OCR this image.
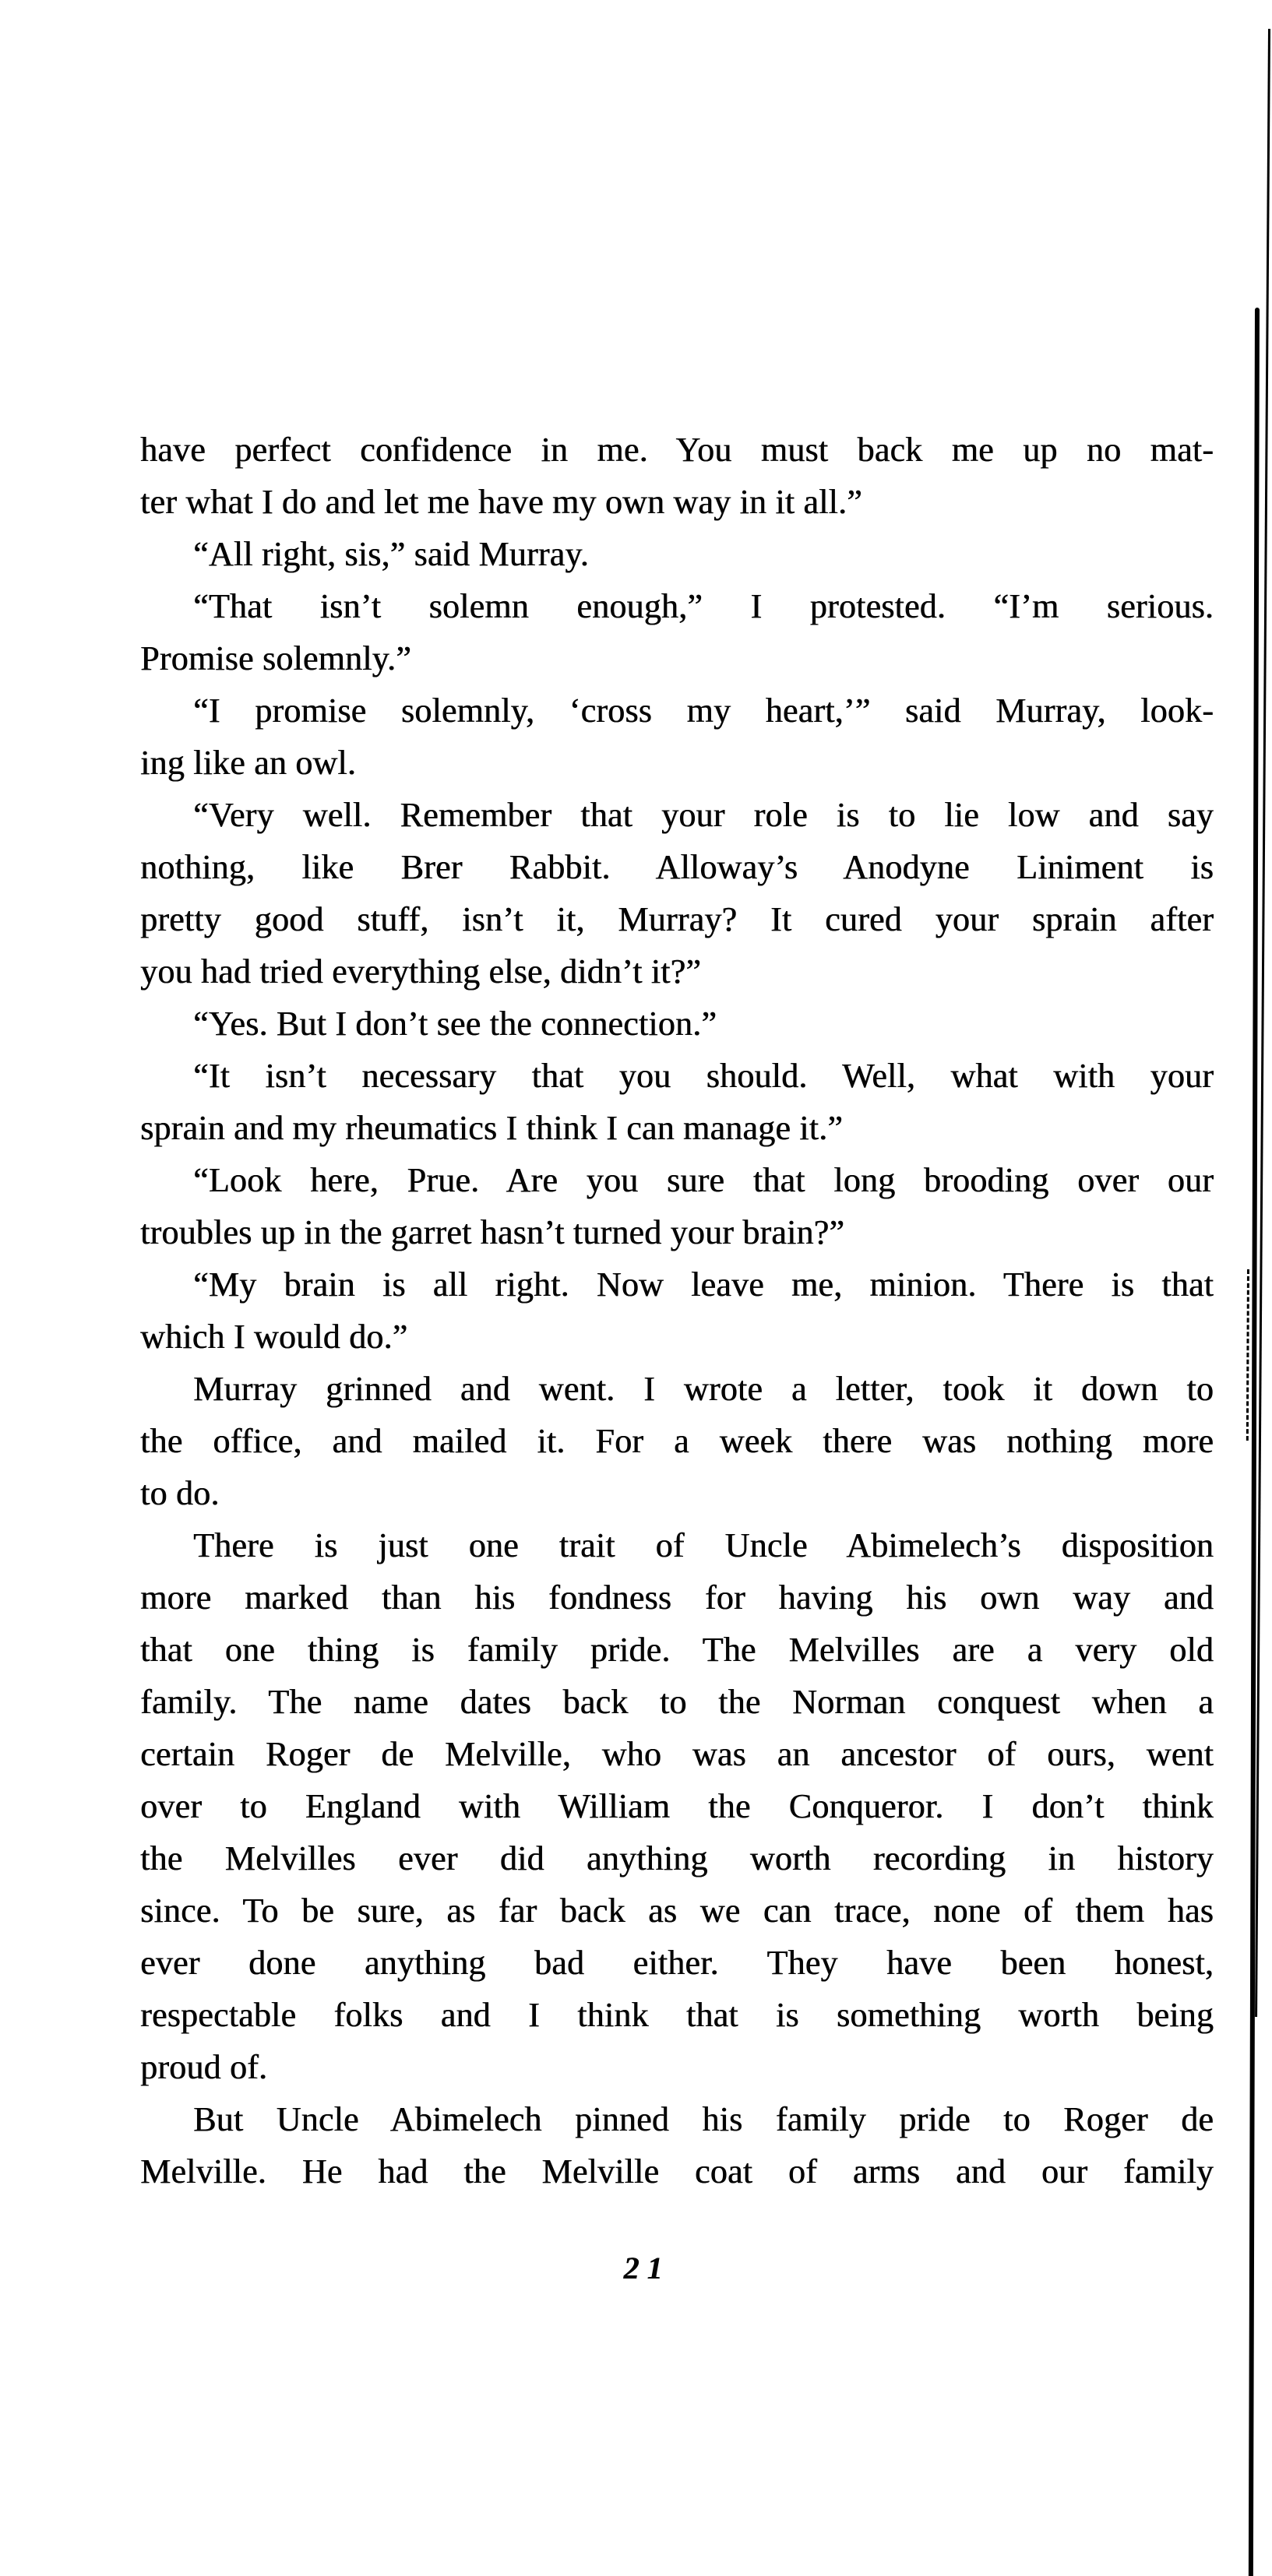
have perfect confidence in me. You must back me up no mat-
ter what I do and let me have my own way in it all.”
“All right, sis,” said Murray.
“That isn’t solemn enough,” I protested. “I’m serious.
Promise solemnly.”
“I promise solemnly, ‘cross my heart,’” said Murray, look-
ing like an owl.
“Very well. Remember that your role is to lie low and say
nothing, like Brer Rabbit. Alloway’s Anodyne Liniment is
pretty good stuff, isn’t it, Murray? It cured your sprain after
you had tried everything else, didn’t it?”
“Yes. But I don’t see the connection.”
“It isn’t necessary that you should. Well, what with your
sprain and my rheumatics I think I can manage it.”
“Look here, Prue. Are you sure that long brooding over our
troubles up in the garret hasn’t turned your brain?”
“My brain is all right. Now leave me, minion. There is that
which I would do.”
Murray grinned and went. I wrote a letter, took it down to
the office, and mailed it. For a week there was nothing more
to do.
There is just one trait of Uncle Abimelech’s disposition
more marked than his fondness for having his own way and
that one thing is family pride. The Melvilles are a very old
family. The name dates back to the Norman conquest when a
certain Roger de Melville, who was an ancestor of ours, went
over to England with William the Conqueror. I don’t think
the Melvilles ever did anything worth recording in history
since. To be sure, as far back as we can trace, none of them has
ever done anything bad either. They have been honest,
respectable folks and I think that is something worth being
proud of.
But Uncle Abimelech pinned his family pride to Roger de
Melville. He had the Melville coat of arms and our family
21
